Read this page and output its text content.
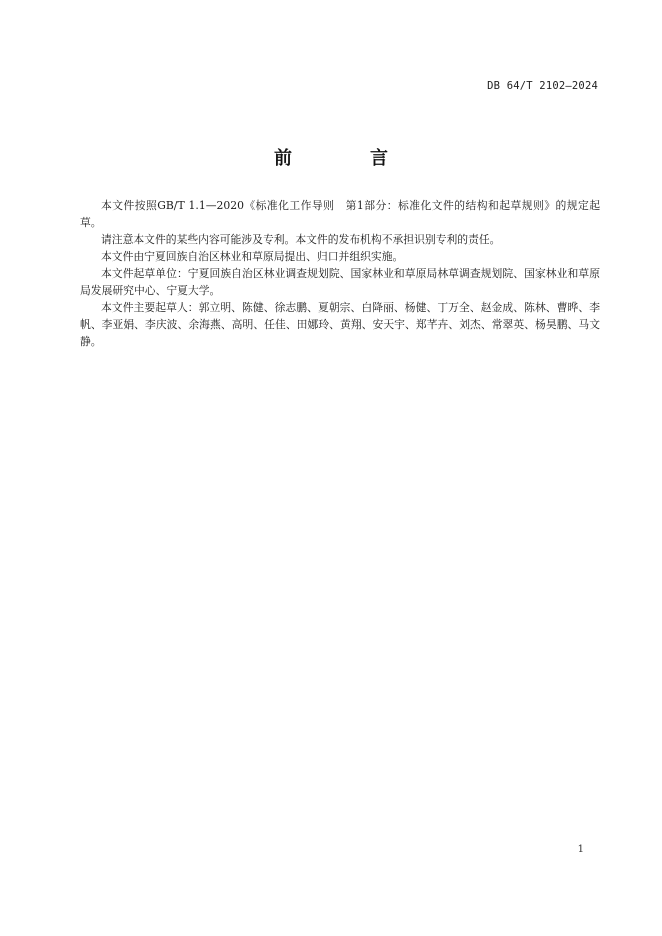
DB 64/T 2102—2024
前　言

本文件按照GB/T 1.1—2020《标准化工作导则　第1部分：标准化文件的结构和起草规则》的规定起草。

请注意本文件的某些内容可能涉及专利。本文件的发布机构不承担识别专利的责任。

本文件由宁夏回族自治区林业和草原局提出、归口并组织实施。

本文件起草单位：宁夏回族自治区林业调查规划院、国家林业和草原局林草调查规划院、国家林业和草原局发展研究中心、宁夏大学。

本文件主要起草人：郭立明、陈健、徐志鹏、夏朝宗、白降丽、杨健、丁万全、赵金成、陈林、曹晔、李帆、李亚娟、李庆波、余海燕、高明、任佳、田娜玲、黄翔、安天宇、郑芊卉、刘杰、常翠英、杨昊鹏、马文静。

1
